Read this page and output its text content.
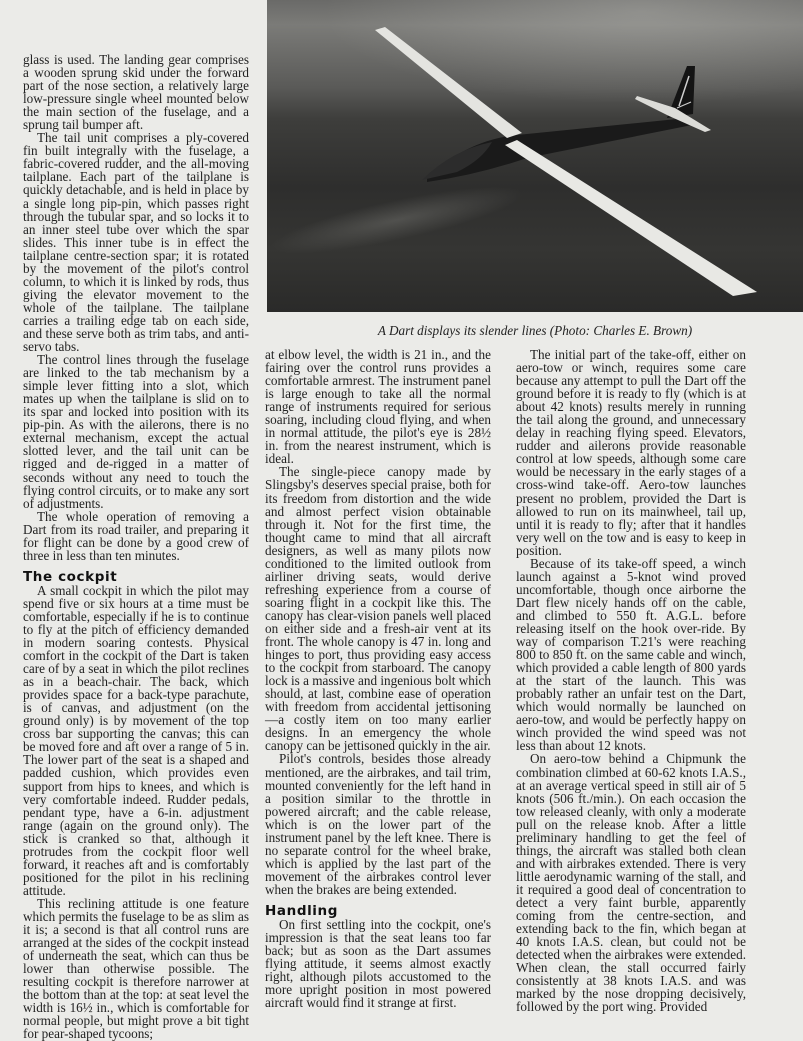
A Dart displays its slender lines (Photo: Charles E. Brown)

glass is used. The landing gear comprises a wooden sprung skid under the forward part of the nose section, a relatively large low-pressure single wheel mounted below the main section of the fuselage, and a sprung tail bumper aft.

The tail unit comprises a ply-covered fin built integrally with the fuselage, a fabric-covered rudder, and the all-moving tailplane. Each part of the tailplane is quickly detachable, and is held in place by a single long pip-pin, which passes right through the tubular spar, and so locks it to an inner steel tube over which the spar slides. This inner tube is in effect the tailplane centre-section spar; it is rotated by the movement of the pilot's control column, to which it is linked by rods, thus giving the elevator movement to the whole of the tailplane. The tailplane carries a trailing edge tab on each side, and these serve both as trim tabs, and anti-servo tabs.

The control lines through the fuselage are linked to the tab mechanism by a simple lever fitting into a slot, which mates up when the tailplane is slid on to its spar and locked into position with its pip-pin. As with the ailerons, there is no external mechanism, except the actual slotted lever, and the tail unit can be rigged and de-rigged in a matter of seconds without any need to touch the flying control circuits, or to make any sort of adjustments.

The whole operation of removing a Dart from its road trailer, and preparing it for flight can be done by a good crew of three in less than ten minutes.

The cockpit

A small cockpit in which the pilot may spend five or six hours at a time must be comfortable, especially if he is to continue to fly at the pitch of efficiency demanded in modern soaring contests. Physical comfort in the cockpit of the Dart is taken care of by a seat in which the pilot reclines as in a beach-chair. The back, which provides space for a back-type parachute, is of canvas, and adjustment (on the ground only) is by movement of the top cross bar supporting the canvas; this can be moved fore and aft over a range of 5 in. The lower part of the seat is a shaped and padded cushion, which provides even support from hips to knees, and which is very comfortable indeed. Rudder pedals, pendant type, have a 6-in. adjustment range (again on the ground only). The stick is cranked so that, although it protrudes from the cockpit floor well forward, it reaches aft and is comfortably positioned for the pilot in his reclining attitude.

This reclining attitude is one feature which permits the fuselage to be as slim as it is; a second is that all control runs are arranged at the sides of the cockpit instead of underneath the seat, which can thus be lower than otherwise possible. The resulting cockpit is therefore narrower at the bottom than at the top: at seat level the width is 16½ in., which is comfortable for normal people, but might prove a bit tight for pear-shaped tycoons;

at elbow level, the width is 21 in., and the fairing over the control runs provides a comfortable armrest. The instrument panel is large enough to take all the normal range of instruments required for serious soaring, including cloud flying, and when in normal attitude, the pilot's eye is 28½ in. from the nearest instrument, which is ideal.

The single-piece canopy made by Slingsby's deserves special praise, both for its freedom from distortion and the wide and almost perfect vision obtainable through it. Not for the first time, the thought came to mind that all aircraft designers, as well as many pilots now conditioned to the limited outlook from airliner driving seats, would derive refreshing experience from a course of soaring flight in a cockpit like this. The canopy has clear-vision panels well placed on either side and a fresh-air vent at its front. The whole canopy is 47 in. long and hinges to port, thus providing easy access to the cockpit from starboard. The canopy lock is a massive and ingenious bolt which should, at last, combine ease of operation with freedom from accidental jettisoning —a costly item on too many earlier designs. In an emergency the whole canopy can be jettisoned quickly in the air.

Pilot's controls, besides those already mentioned, are the airbrakes, and tail trim, mounted conveniently for the left hand in a position similar to the throttle in powered aircraft; and the cable release, which is on the lower part of the instrument panel by the left knee. There is no separate control for the wheel brake, which is applied by the last part of the movement of the airbrakes control lever when the brakes are being extended.

Handling

On first settling into the cockpit, one's impression is that the seat leans too far back; but as soon as the Dart assumes flying attitude, it seems almost exactly right, although pilots accustomed to the more upright position in most powered aircraft would find it strange at first.

The initial part of the take-off, either on aero-tow or winch, requires some care because any attempt to pull the Dart off the ground before it is ready to fly (which is at about 42 knots) results merely in running the tail along the ground, and unnecessary delay in reaching flying speed. Elevators, rudder and ailerons provide reasonable control at low speeds, although some care would be necessary in the early stages of a cross-wind take-off. Aero-tow launches present no problem, provided the Dart is allowed to run on its mainwheel, tail up, until it is ready to fly; after that it handles very well on the tow and is easy to keep in position.

Because of its take-off speed, a winch launch against a 5-knot wind proved uncomfortable, though once airborne the Dart flew nicely hands off on the cable, and climbed to 550 ft. A.G.L. before releasing itself on the hook over-ride. By way of comparison T.21's were reaching 800 to 850 ft. on the same cable and winch, which provided a cable length of 800 yards at the start of the launch. This was probably rather an unfair test on the Dart, which would normally be launched on aero-tow, and would be perfectly happy on winch provided the wind speed was not less than about 12 knots.

On aero-tow behind a Chipmunk the combination climbed at 60-62 knots I.A.S., at an average vertical speed in still air of 5 knots (506 ft./min.). On each occasion the tow released cleanly, with only a moderate pull on the release knob. After a little preliminary handling to get the feel of things, the aircraft was stalled both clean and with airbrakes extended. There is very little aerodynamic warning of the stall, and it required a good deal of concentration to detect a very faint burble, apparently coming from the centre-section, and extending back to the fin, which began at 40 knots I.A.S. clean, but could not be detected when the airbrakes were extended. When clean, the stall occurred fairly consistently at 38 knots I.A.S. and was marked by the nose dropping decisively, followed by the port wing. Provided
